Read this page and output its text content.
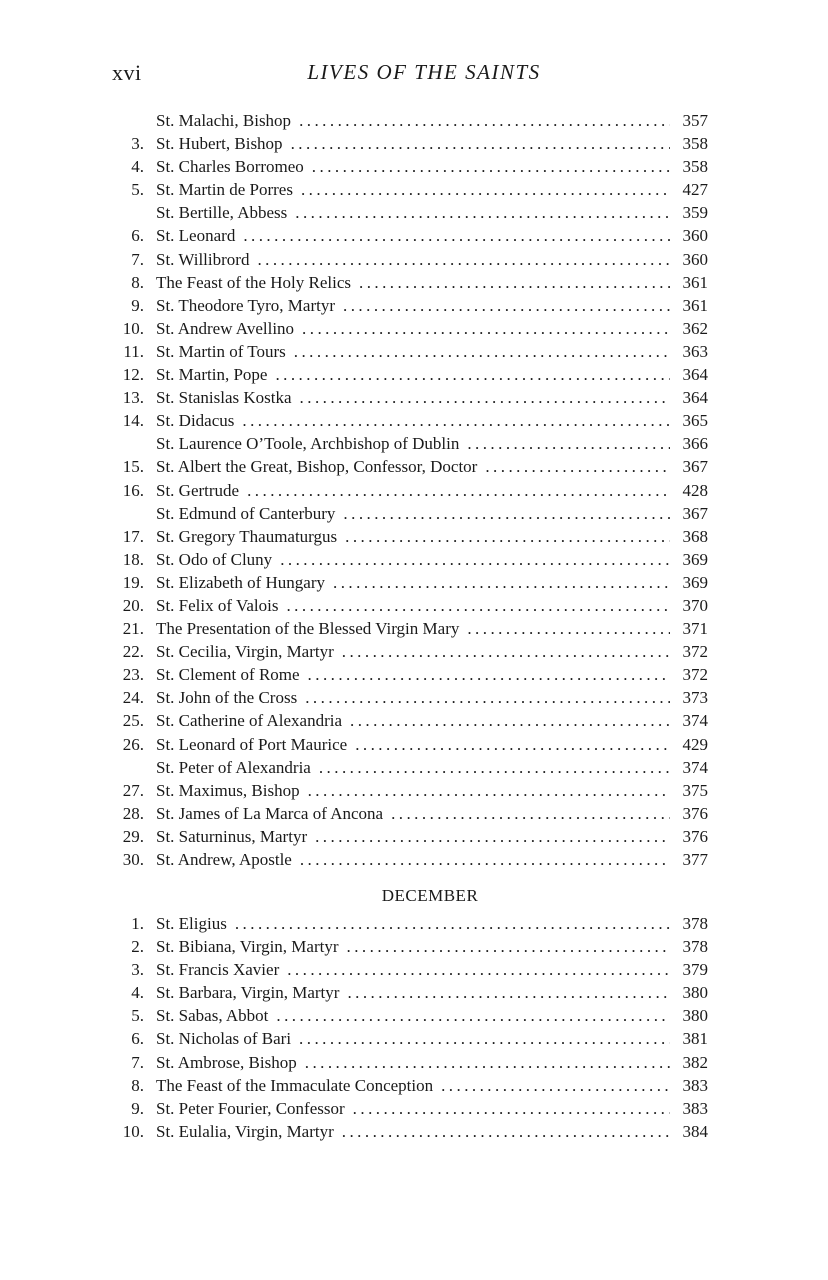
xvi	LIVES OF THE SAINTS
St. Malachi, Bishop . . .	357
3. St. Hubert, Bishop . . .	358
4. St. Charles Borromeo . . .	358
5. St. Martin de Porres . . .	427
St. Bertille, Abbess . . .	359
6. St. Leonard . . .	360
7. St. Willibrord . . .	360
8. The Feast of the Holy Relics . . .	361
9. St. Theodore Tyro, Martyr . . .	361
10. St. Andrew Avellino . . .	362
11. St. Martin of Tours . . .	363
12. St. Martin, Pope . . .	364
13. St. Stanislas Kostka . . .	364
14. St. Didacus . . .	365
St. Laurence O’Toole, Archbishop of Dublin . . .	366
15. St. Albert the Great, Bishop, Confessor, Doctor . . .	367
16. St. Gertrude . . .	428
St. Edmund of Canterbury . . .	367
17. St. Gregory Thaumaturgus . . .	368
18. St. Odo of Cluny . . .	369
19. St. Elizabeth of Hungary . . .	369
20. St. Felix of Valois . . .	370
21. The Presentation of the Blessed Virgin Mary . . .	371
22. St. Cecilia, Virgin, Martyr . . .	372
23. St. Clement of Rome . . .	372
24. St. John of the Cross . . .	373
25. St. Catherine of Alexandria . . .	374
26. St. Leonard of Port Maurice . . .	429
St. Peter of Alexandria . . .	374
27. St. Maximus, Bishop . . .	375
28. St. James of La Marca of Ancona . . .	376
29. St. Saturninus, Martyr . . .	376
30. St. Andrew, Apostle . . .	377
DECEMBER
1. St. Eligius . . .	378
2. St. Bibiana, Virgin, Martyr . . .	378
3. St. Francis Xavier . . .	379
4. St. Barbara, Virgin, Martyr . . .	380
5. St. Sabas, Abbot . . .	380
6. St. Nicholas of Bari . . .	381
7. St. Ambrose, Bishop . . .	382
8. The Feast of the Immaculate Conception . . .	383
9. St. Peter Fourier, Confessor . . .	383
10. St. Eulalia, Virgin, Martyr . . .	384
